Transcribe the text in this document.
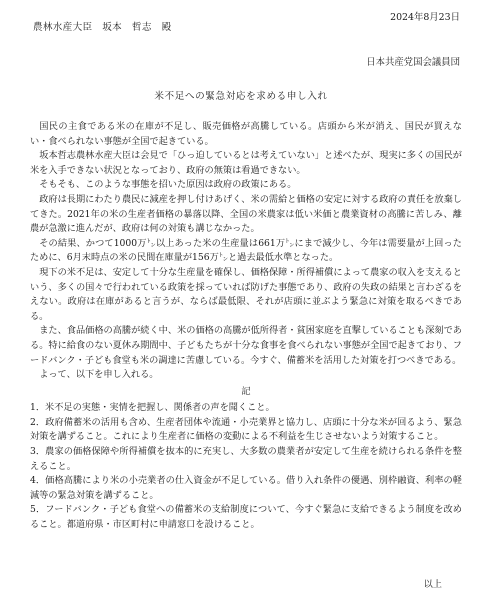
2024年8月23日
農林水産大臣　坂本　哲志　殿
日本共産党国会議員団
米不足への緊急対応を求める申し入れ

国民の主食である米の在庫が不足し、販売価格が高騰している。店頭から米が消え、国民が買えない・食べられない事態が全国で起きている。

坂本哲志農林水産大臣は会見で「ひっ迫しているとは考えていない」と述べたが、現実に多くの国民が米を入手できない状況となっており、政府の無策は看過できない。

そもそも、このような事態を招いた原因は政府の政策にある。

政府は長期にわたり農民に減産を押し付けあげく、米の需給と価格の安定に対する政府の責任を放棄してきた。2021年の米の生産者価格の暴落以降、全国の米農家は低い米価と農業資材の高騰に苦しみ、離農が急激に進んだが、政府は何の対策も講じなかった。

その結果、かつて1000万㌧以上あった米の生産量は661万㌧にまで減少し、今年は需要量が上回ったために、6月末時点の米の民間在庫量が156万㌧と過去最低水準となった。

現下の米不足は、安定して十分な生産量を確保し、価格保障・所得補償によって農家の収入を支えるという、多くの国々で行われている政策を採っていれば防げた事態であり、政府の失政の結果と言わざるをえない。政府は在庫があると言うが、ならば最低限、それが店頭に並ぶよう緊急に対策を取るべきである。

また、食品価格の高騰が続く中、米の価格の高騰が低所得者・貧困家庭を直撃していることも深刻である。特に給食のない夏休み期間中、子どもたちが十分な食事を食べられない事態が全国で起きており、フードバンク・子ども食堂も米の調達に苦慮している。今すぐ、備蓄米を活用した対策を打つべきである。

よって、以下を申し入れる。

記
1．米不足の実態・実情を把握し、関係者の声を聞くこと。
2．政府備蓄米の活用も含め、生産者団体や流通・小売業界と協力し、店頭に十分な米が回るよう、緊急対策を講ずること。これにより生産者に価格の変動による不利益を生じさせないよう対策すること。
3．農家の価格保障や所得補償を抜本的に充実し、大多数の農業者が安定して生産を続けられる条件を整えること。
4．価格高騰により米の小売業者の仕入資金が不足している。借り入れ条件の優遇、別枠融資、利率の軽減等の緊急対策を講ずること。
5．フードバンク・子ども食堂への備蓄米の支給制度について、今すぐ緊急に支給できるよう制度を改めること。都道府県・市区町村に申請窓口を設けること。
以上
